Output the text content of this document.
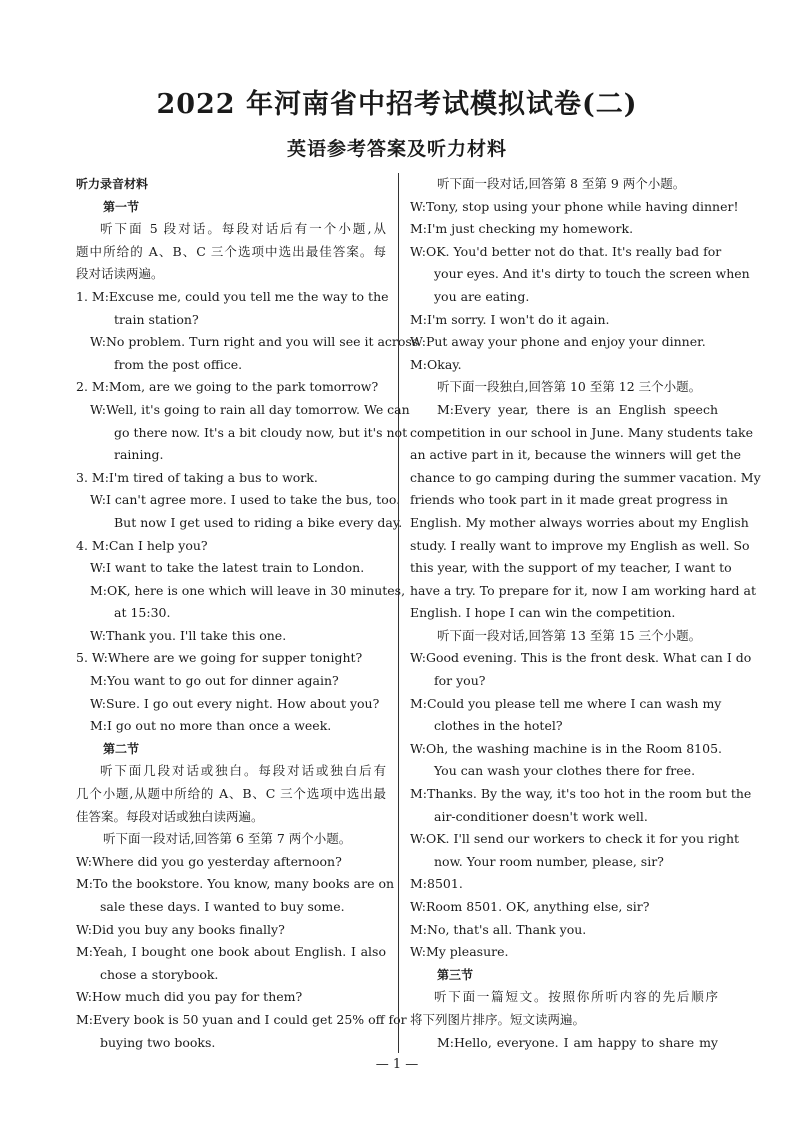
2022 年河南省中招考试模拟试卷(二)
英语参考答案及听力材料
听力录音材料
第一节
听下面 5 段对话。每段对话后有一个小题,从
题中所给的 A、B、C 三个选项中选出最佳答案。每
段对话读两遍。
1. M:Excuse me, could you tell me the way to the
train station?
W:No problem. Turn right and you will see it across
from the post office.
2. M:Mom, are we going to the park tomorrow?
W:Well, it's going to rain all day tomorrow. We can
go there now. It's a bit cloudy now, but it's not
raining.
3. M:I'm tired of taking a bus to work.
W:I can't agree more. I used to take the bus, too.
But now I get used to riding a bike every day.
4. M:Can I help you?
W:I want to take the latest train to London.
M:OK, here is one which will leave in 30 minutes,
at 15:30.
W:Thank you. I'll take this one.
5. W:Where are we going for supper tonight?
M:You want to go out for dinner again?
W:Sure. I go out every night. How about you?
M:I go out no more than once a week.
第二节
听下面几段对话或独白。每段对话或独白后有
几个小题,从题中所给的 A、B、C 三个选项中选出最
佳答案。每段对话或独白读两遍。
听下面一段对话,回答第 6 至第 7 两个小题。
W:Where did you go yesterday afternoon?
M:To the bookstore. You know, many books are on
sale these days. I wanted to buy some.
W:Did you buy any books finally?
M:Yeah, I bought one book about English. I also
chose a storybook.
W:How much did you pay for them?
M:Every book is 50 yuan and I could get 25% off for
buying two books.
听下面一段对话,回答第 8 至第 9 两个小题。
W:Tony, stop using your phone while having dinner!
M:I'm just checking my homework.
W:OK. You'd better not do that. It's really bad for
your eyes. And it's dirty to touch the screen when
you are eating.
M:I'm sorry. I won't do it again.
W:Put away your phone and enjoy your dinner.
M:Okay.
听下面一段独白,回答第 10 至第 12 三个小题。
M:Every year, there is an English speech
competition in our school in June. Many students take
an active part in it, because the winners will get the
chance to go camping during the summer vacation. My
friends who took part in it made great progress in
English. My mother always worries about my English
study. I really want to improve my English as well. So
this year, with the support of my teacher, I want to
have a try. To prepare for it, now I am working hard at
English. I hope I can win the competition.
听下面一段对话,回答第 13 至第 15 三个小题。
W:Good evening. This is the front desk. What can I do
for you?
M:Could you please tell me where I can wash my
clothes in the hotel?
W:Oh, the washing machine is in the Room 8105.
You can wash your clothes there for free.
M:Thanks. By the way, it's too hot in the room but the
air-conditioner doesn't work well.
W:OK. I'll send our workers to check it for you right
now. Your room number, please, sir?
M:8501.
W:Room 8501. OK, anything else, sir?
M:No, that's all. Thank you.
W:My pleasure.
第三节
听下面一篇短文。按照你所听内容的先后顺序
将下列图片排序。短文读两遍。
M:Hello, everyone. I am happy to share my
— 1 —
